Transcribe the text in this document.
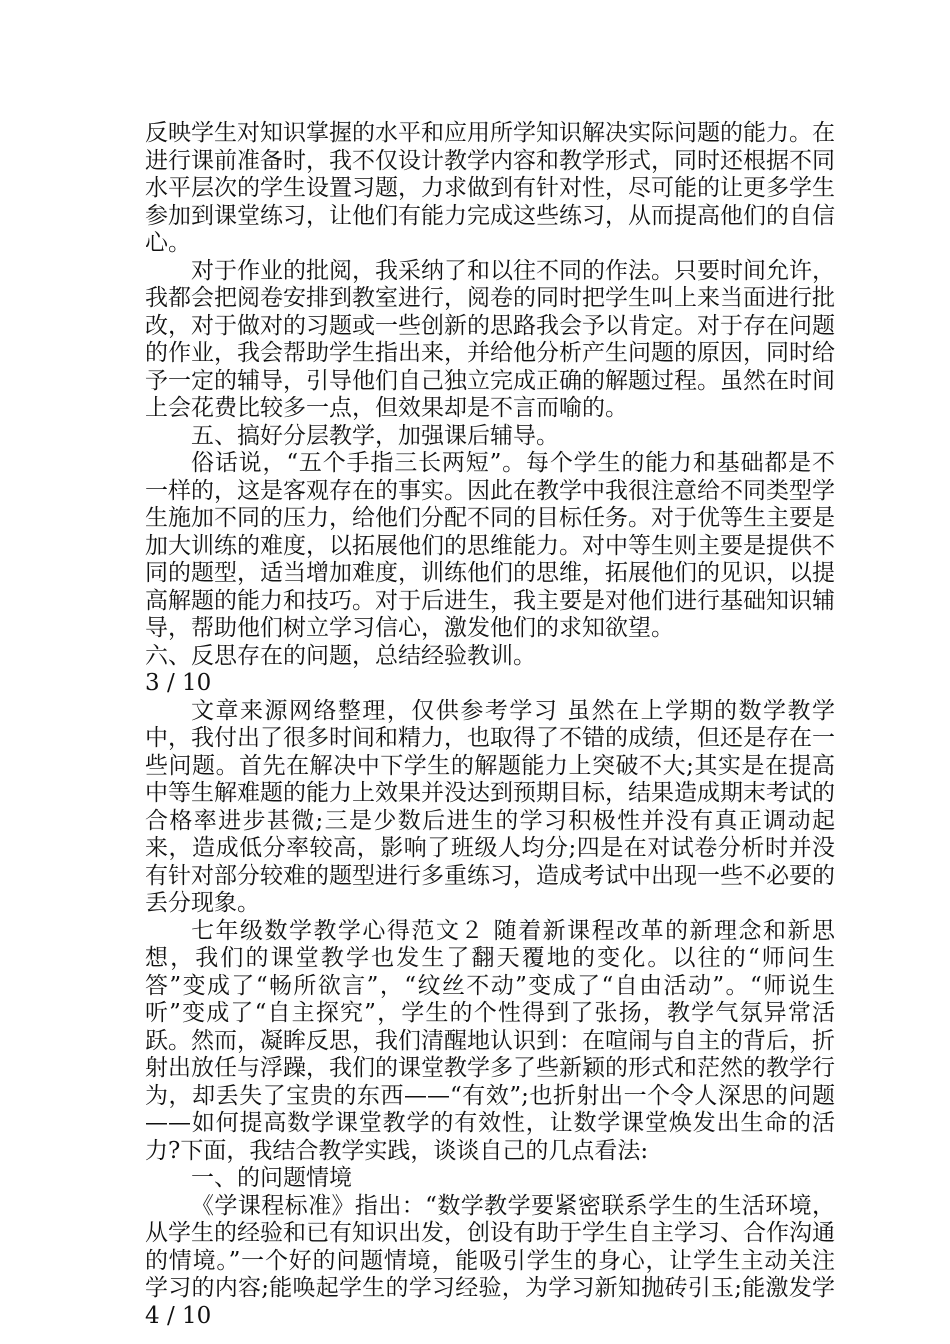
反映学生对知识掌握的水平和应用所学知识解决实际问题的能力。在进行课前准备时，我不仅设计教学内容和教学形式，同时还根据不同水平层次的学生设置习题，力求做到有针对性，尽可能的让更多学生参加到课堂练习，让他们有能力完成这些练习，从而提高他们的自信心。

对于作业的批阅，我采纳了和以往不同的作法。只要时间允许，我都会把阅卷安排到教室进行，阅卷的同时把学生叫上来当面进行批改，对于做对的习题或一些创新的思路我会予以肯定。对于存在问题的作业，我会帮助学生指出来，并给他分析产生问题的原因，同时给予一定的辅导，引导他们自己独立完成正确的解题过程。虽然在时间上会花费比较多一点，但效果却是不言而喻的。

五、搞好分层教学，加强课后辅导。

俗话说，“五个手指三长两短”。每个学生的能力和基础都是不一样的，这是客观存在的事实。因此在教学中我很注意给不同类型学生施加不同的压力，给他们分配不同的目标任务。对于优等生主要是加大训练的难度，以拓展他们的思维能力。对中等生则主要是提供不同的题型，适当增加难度，训练他们的思维，拓展他们的见识，以提高解题的能力和技巧。对于后进生，我主要是对他们进行基础知识辅导，帮助他们树立学习信心，激发他们的求知欲望。

六、反思存在的问题，总结经验教训。

3 / 10

文章来源网络整理，仅供参考学习 虽然在上学期的数学教学中，我付出了很多时间和精力，也取得了不错的成绩，但还是存在一些问题。首先在解决中下学生的解题能力上突破不大;其实是在提高中等生解难题的能力上效果并没达到预期目标，结果造成期末考试的合格率进步甚微;三是少数后进生的学习积极性并没有真正调动起来，造成低分率较高，影响了班级人均分;四是在对试卷分析时并没有针对部分较难的题型进行多重练习，造成考试中出现一些不必要的丢分现象。

七年级数学教学心得范文２ 随着新课程改革的新理念和新思想，我们的课堂教学也发生了翻天覆地的变化。以往的“师问生答”变成了“畅所欲言”，“纹丝不动”变成了“自由活动”。“师说生听”变成了“自主探究”，学生的个性得到了张扬，教学气氛异常活跃。然而，凝眸反思，我们清醒地认识到：在喧闹与自主的背后，折射出放任与浮躁，我们的课堂教学多了些新颖的形式和茫然的教学行为，却丢失了宝贵的东西——“有效”;也折射出一个令人深思的问题——如何提高数学课堂教学的有效性，让数学课堂焕发出生命的活力?下面，我结合教学实践，谈谈自己的几点看法:

一、的问题情境

《学课程标准》指出：“数学教学要紧密联系学生的生活环境，从学生的经验和已有知识出发，创设有助于学生自主学习、合作沟通的情境。”一个好的问题情境，能吸引学生的身心，让学生主动关注学习的内容;能唤起学生的学习经验，为学习新知抛砖引玉;能激发学 4 / 10
